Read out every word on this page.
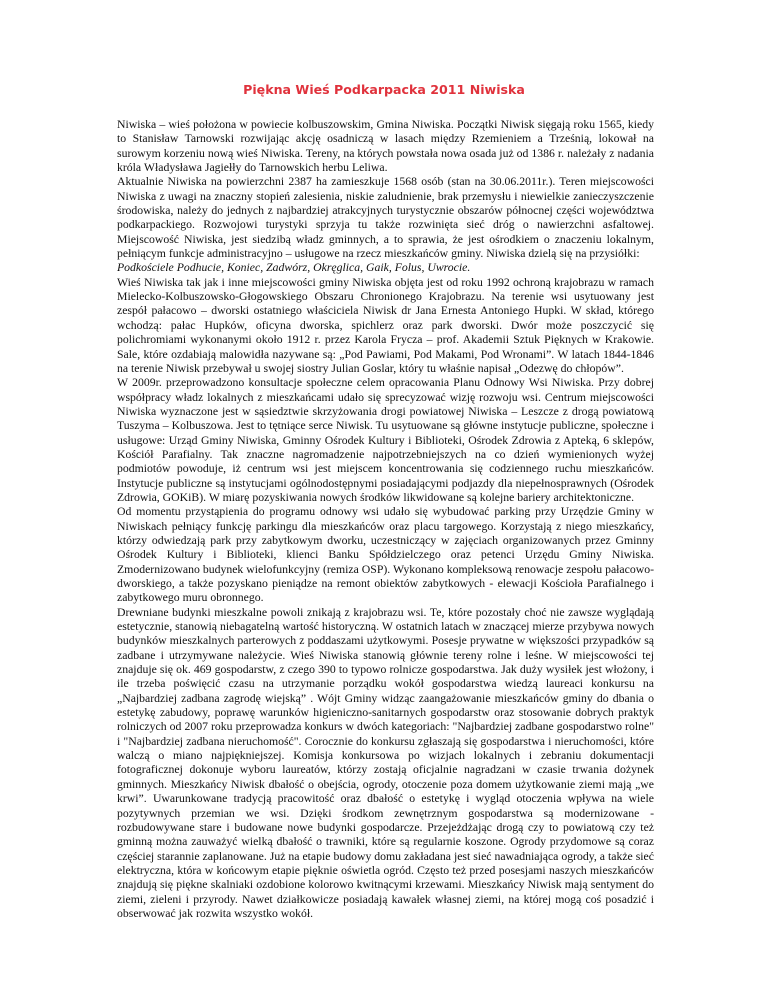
Piękna Wieś Podkarpacka 2011 Niwiska

Niwiska – wieś położona w powiecie kolbuszowskim, Gmina Niwiska. Początki Niwisk sięgają roku 1565, kiedy to Stanisław Tarnowski rozwijając akcję osadniczą w lasach między Rzemieniem a Trześnią, lokował na surowym korzeniu nową wieś Niwiska. Tereny, na których powstała nowa osada już od 1386 r. należały z nadania króla Władysława Jagiełły do Tarnowskich herbu Leliwa.

Aktualnie Niwiska na powierzchni 2387 ha zamieszkuje 1568 osób (stan na 30.06.2011r.). Teren miejscowości Niwiska z uwagi na znaczny stopień zalesienia, niskie zaludnienie, brak przemysłu i niewielkie zanieczyszczenie środowiska, należy do jednych z najbardziej atrakcyjnych turystycznie obszarów północnej części województwa podkarpackiego. Rozwojowi turystyki sprzyja tu także rozwinięta sieć dróg o nawierzchni asfaltowej. Miejscowość Niwiska, jest siedzibą władz gminnych, a to sprawia, że jest ośrodkiem o znaczeniu lokalnym, pełniącym funkcje administracyjno – usługowe na rzecz mieszkańców gminy. Niwiska dzielą się na przysiółki:
Podkościele Podhucie, Koniec, Zadwórz, Okręglica, Gaik, Folus, Uwrocie.

Wieś Niwiska tak jak i inne miejscowości gminy Niwiska objęta jest od roku 1992 ochroną krajobrazu w ramach Mielecko-Kolbuszowsko-Głogowskiego Obszaru Chronionego Krajobrazu. Na terenie wsi usytuowany jest zespół pałacowo – dworski ostatniego właściciela Niwisk dr Jana Ernesta Antoniego Hupki. W skład, którego wchodzą: pałac Hupków, oficyna dworska, spichlerz oraz park dworski. Dwór może poszczycić się polichromiami wykonanymi około 1912 r. przez Karola Frycza – prof. Akademii Sztuk Pięknych w Krakowie. Sale, które ozdabiają malowidła nazywane są: „Pod Pawiami, Pod Makami, Pod Wronami”. W latach 1844-1846 na terenie Niwisk przebywał u swojej siostry Julian Goslar, który tu właśnie napisał „Odezwę do chłopów”.

W 2009r. przeprowadzono konsultacje społeczne celem opracowania Planu Odnowy Wsi Niwiska. Przy dobrej współpracy władz lokalnych z mieszkańcami udało się sprecyzować wizję rozwoju wsi. Centrum miejscowości Niwiska wyznaczone jest w sąsiedztwie skrzyżowania drogi powiatowej Niwiska – Leszcze z drogą powiatową Tuszyma – Kolbuszowa. Jest to tętniące serce Niwisk. Tu usytuowane są główne instytucje publiczne, społeczne i usługowe: Urząd Gminy Niwiska, Gminny Ośrodek Kultury i Biblioteki, Ośrodek Zdrowia z Apteką, 6 sklepów, Kościół Parafialny. Tak znaczne nagromadzenie najpotrzebniejszych na co dzień wymienionych wyżej podmiotów powoduje, iż centrum wsi jest miejscem koncentrowania się codziennego ruchu mieszkańców. Instytucje publiczne są instytucjami ogólnodostępnymi posiadającymi podjazdy dla niepełnosprawnych (Ośrodek Zdrowia, GOKiB). W miarę pozyskiwania nowych środków likwidowane są kolejne bariery architektoniczne.

Od momentu przystąpienia do programu odnowy wsi udało się wybudować parking przy Urzędzie Gminy w Niwiskach pełniący funkcję parkingu dla mieszkańców oraz placu targowego. Korzystają z niego mieszkańcy, którzy odwiedzają park przy zabytkowym dworku, uczestniczący w zajęciach organizowanych przez Gminny Ośrodek Kultury i Biblioteki, klienci Banku Spółdzielczego oraz petenci Urzędu Gminy Niwiska. Zmodernizowano budynek wielofunkcyjny (remiza OSP). Wykonano kompleksową renowacje zespołu pałacowo-dworskiego, a także pozyskano pieniądze na remont obiektów zabytkowych - elewacji Kościoła Parafialnego i zabytkowego muru obronnego.

Drewniane budynki mieszkalne powoli znikają z krajobrazu wsi. Te, które pozostały choć nie zawsze wyglądają estetycznie, stanowią niebagatelną wartość historyczną. W ostatnich latach w znaczącej mierze przybywa nowych budynków mieszkalnych parterowych z poddaszami użytkowymi. Posesje prywatne w większości przypadków są zadbane i utrzymywane należycie. Wieś Niwiska stanowią głównie tereny rolne i leśne. W miejscowości tej znajduje się ok. 469 gospodarstw, z czego 390 to typowo rolnicze gospodarstwa. Jak duży wysiłek jest włożony, i ile trzeba poświęcić czasu na utrzymanie porządku wokół gospodarstwa wiedzą laureaci konkursu na „Najbardziej zadbana zagrodę wiejską” . Wójt Gminy widząc zaangażowanie mieszkańców gminy do dbania o estetykę zabudowy, poprawę warunków higieniczno-sanitarnych gospodarstw oraz stosowanie dobrych praktyk rolniczych od 2007 roku przeprowadza konkurs w dwóch kategoriach: "Najbardziej zadbane gospodarstwo rolne" i "Najbardziej zadbana nieruchomość". Corocznie do konkursu zgłaszają się gospodarstwa i nieruchomości, które walczą o miano najpiękniejszej. Komisja konkursowa po wizjach lokalnych i zebraniu dokumentacji fotograficznej dokonuje wyboru laureatów, którzy zostają oficjalnie nagradzani w czasie trwania dożynek gminnych. Mieszkańcy Niwisk dbałość o obejścia, ogrody, otoczenie poza domem użytkowanie ziemi mają „we krwi”. Uwarunkowane tradycją pracowitość oraz dbałość o estetykę i wygląd otoczenia wpływa na wiele pozytywnych przemian we wsi. Dzięki środkom zewnętrznym gospodarstwa są modernizowane - rozbudowywane stare i budowane nowe budynki gospodarcze. Przejeżdżając drogą czy to powiatową czy też gminną można zauważyć wielką dbałość o trawniki, które są regularnie koszone. Ogrody przydomowe są coraz częściej starannie zaplanowane. Już na etapie budowy domu zakładana jest sieć nawadniająca ogrody, a także sieć elektryczna, która w końcowym etapie pięknie oświetla ogród. Często też przed posesjami naszych mieszkańców znajdują się piękne skalniaki ozdobione kolorowo kwitnącymi krzewami. Mieszkańcy Niwisk mają sentyment do ziemi, zieleni i przyrody. Nawet działkowicze posiadają kawałek własnej ziemi, na której mogą coś posadzić i obserwować jak rozwita wszystko wokół.
